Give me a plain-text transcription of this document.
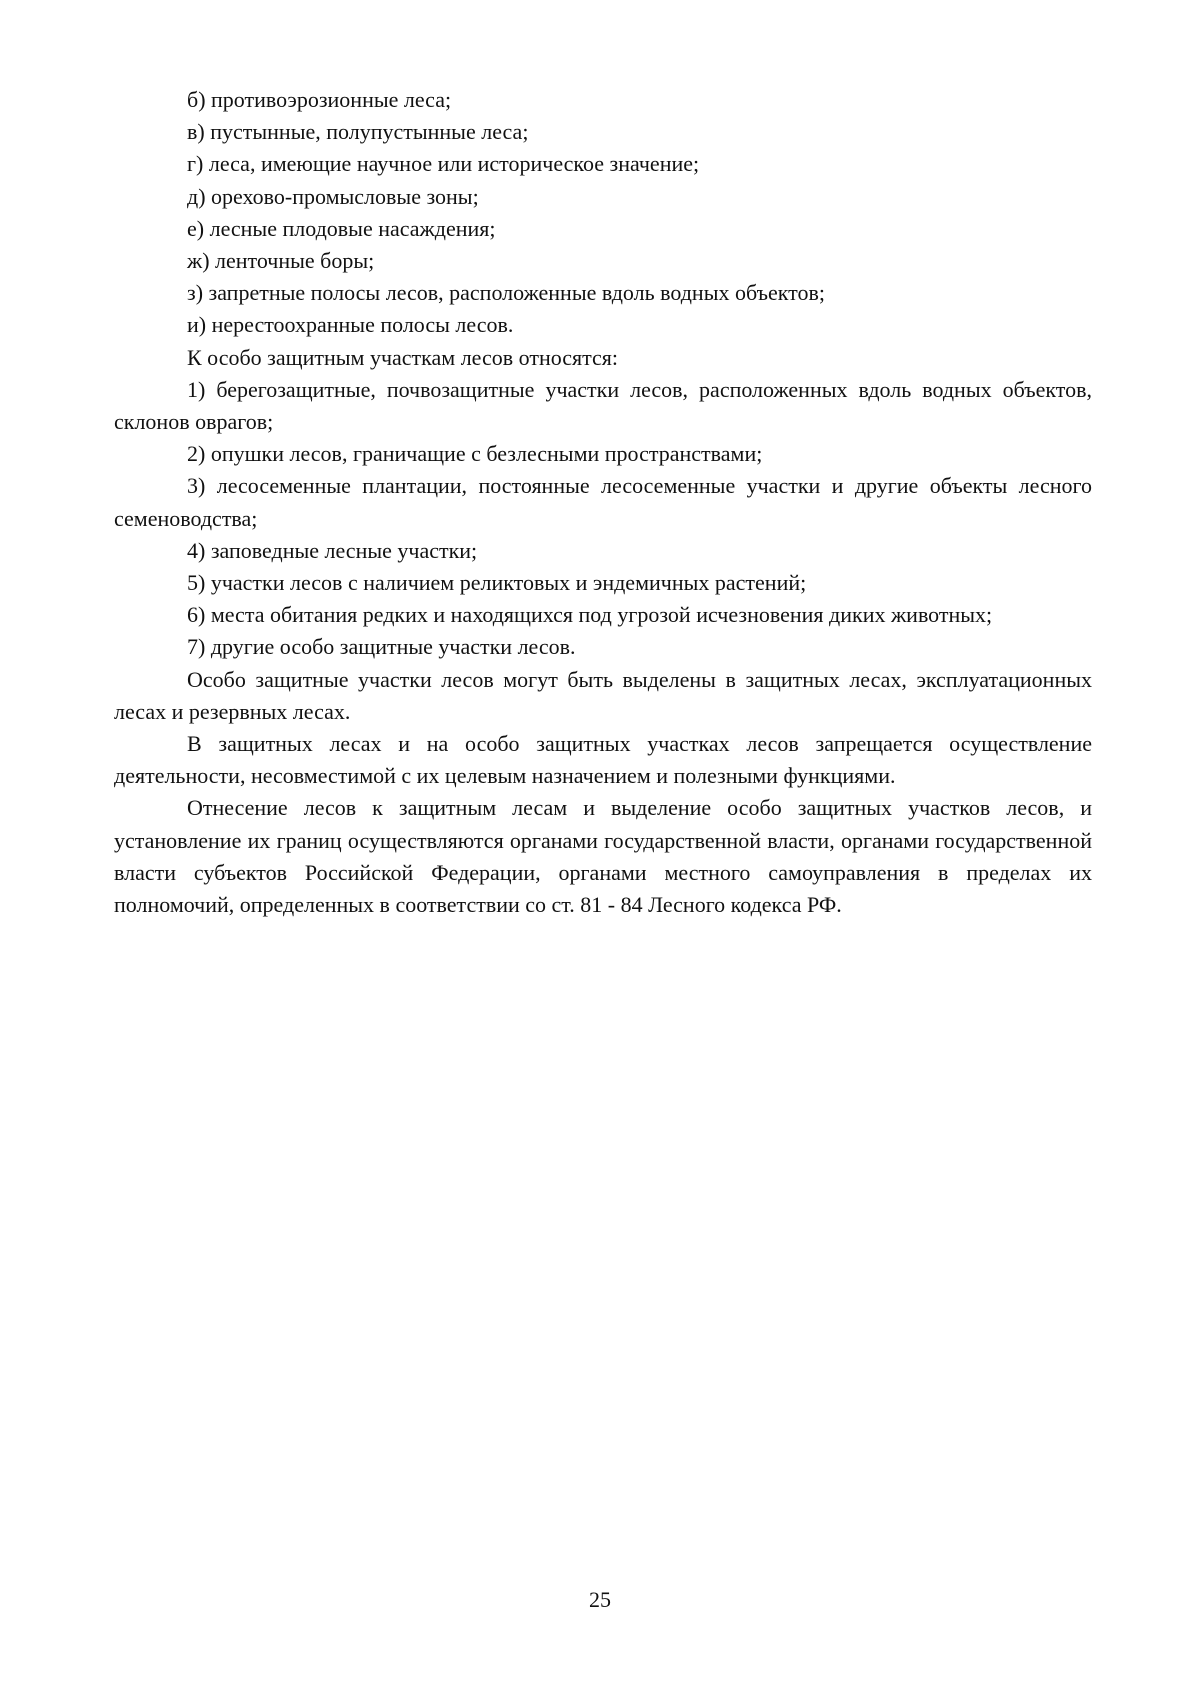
б) противоэрозионные леса;

в) пустынные, полупустынные леса;

г) леса, имеющие научное или историческое значение;

д) орехово-промысловые зоны;

е) лесные плодовые насаждения;

ж) ленточные боры;

з) запретные полосы лесов, расположенные вдоль водных объектов;

и) нерестоохранные полосы лесов.

К особо защитным участкам лесов относятся:

1) берегозащитные, почвозащитные участки лесов, расположенных вдоль водных объектов, склонов оврагов;

2) опушки лесов, граничащие с безлесными пространствами;

3) лесосеменные плантации, постоянные лесосеменные участки и другие объекты лесного семеноводства;

4) заповедные лесные участки;

5) участки лесов с наличием реликтовых и эндемичных растений;

6) места обитания редких и находящихся под угрозой исчезновения диких животных;

7) другие особо защитные участки лесов.

Особо защитные участки лесов могут быть выделены в защитных лесах, эксплуатационных лесах и резервных лесах.

В защитных лесах и на особо защитных участках лесов запрещается осуществление деятельности, несовместимой с их целевым назначением и полезными функциями.

Отнесение лесов к защитным лесам и выделение особо защитных участков лесов, и установление их границ осуществляются органами государственной власти, органами государственной власти субъектов Российской Федерации, органами местного самоуправления в пределах их полномочий, определенных в соответствии со ст. 81 - 84 Лесного кодекса РФ.

25
